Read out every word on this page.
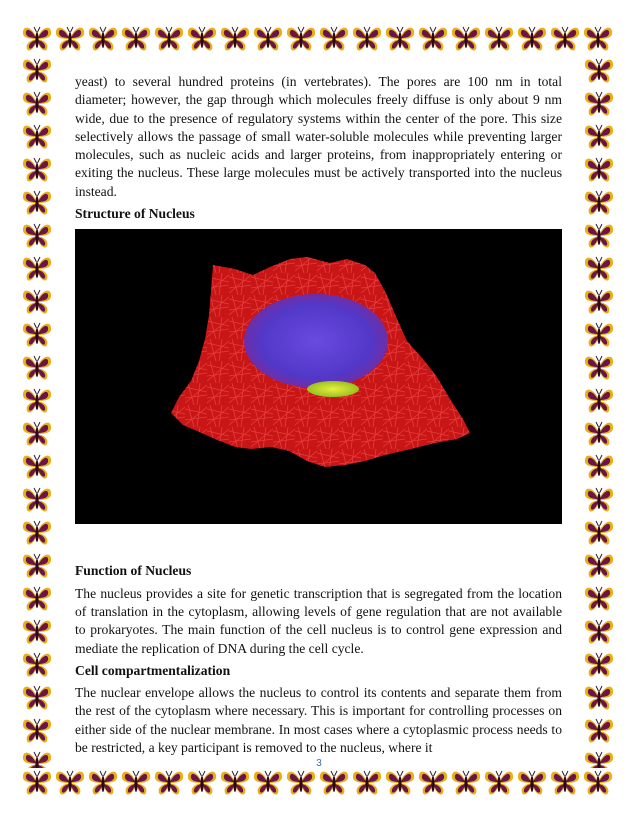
yeast) to several hundred proteins (in vertebrates). The pores are 100 nm in total diameter; however, the gap through which molecules freely diffuse is only about 9 nm wide, due to the presence of regulatory systems within the center of the pore. This size selectively allows the passage of small water-soluble molecules while preventing larger molecules, such as nucleic acids and larger proteins, from inappropriately entering or exiting the nucleus. These large molecules must be actively transported into the nucleus instead.

Structure of Nucleus

Function of Nucleus

The nucleus provides a site for genetic transcription that is segregated from the location of translation in the cytoplasm, allowing levels of gene regulation that are not available to prokaryotes. The main function of the cell nucleus is to control gene expression and mediate the replication of DNA during the cell cycle.

Cell compartmentalization

The nuclear envelope allows the nucleus to control its contents and separate them from the rest of the cytoplasm where necessary. This is important for controlling processes on either side of the nuclear membrane. In most cases where a cytoplasmic process needs to be restricted, a key participant is removed to the nucleus, where it

3
